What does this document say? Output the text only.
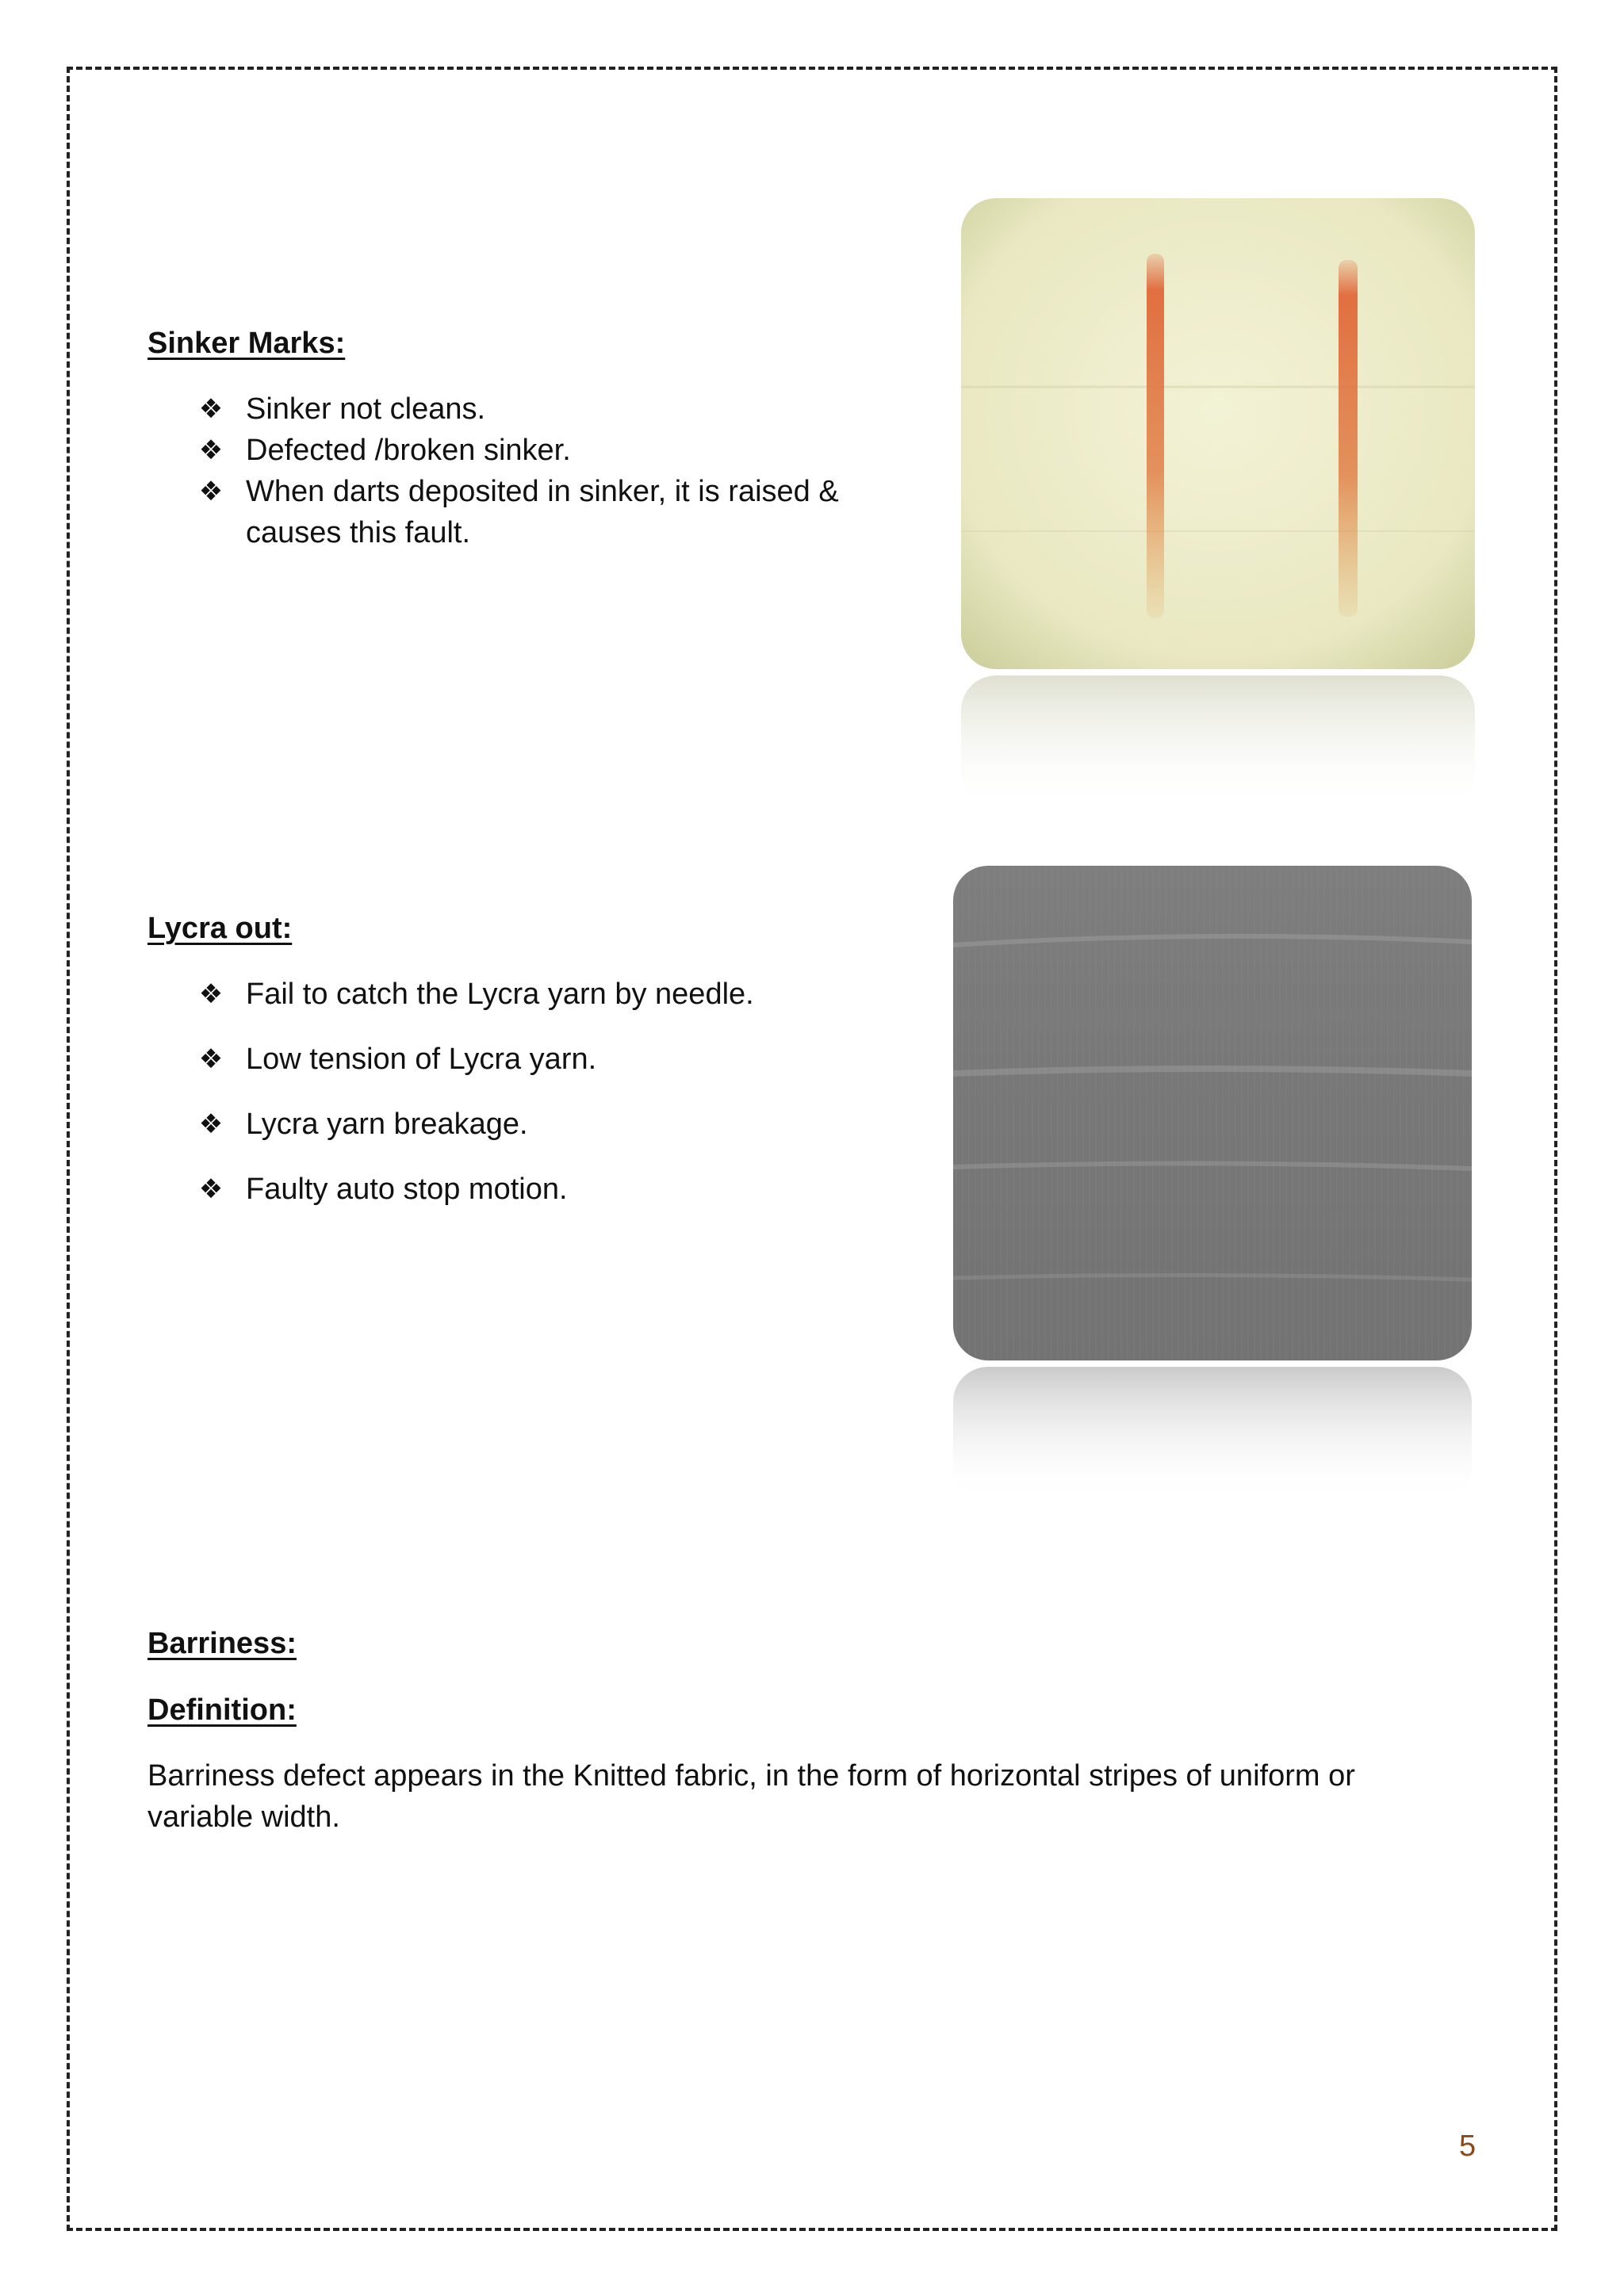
Sinker Marks:
❖ Sinker not cleans.
❖ Defected /broken sinker.
❖ When darts deposited in sinker, it is raised & causes this fault.
Lycra out:
❖ Fail to catch the Lycra yarn by needle.
❖ Low tension of Lycra yarn.
❖ Lycra yarn breakage.
❖ Faulty auto stop motion.
Barriness:
Definition:

Barriness defect appears in the Knitted fabric, in the form of horizontal stripes of uniform or variable width.

5
